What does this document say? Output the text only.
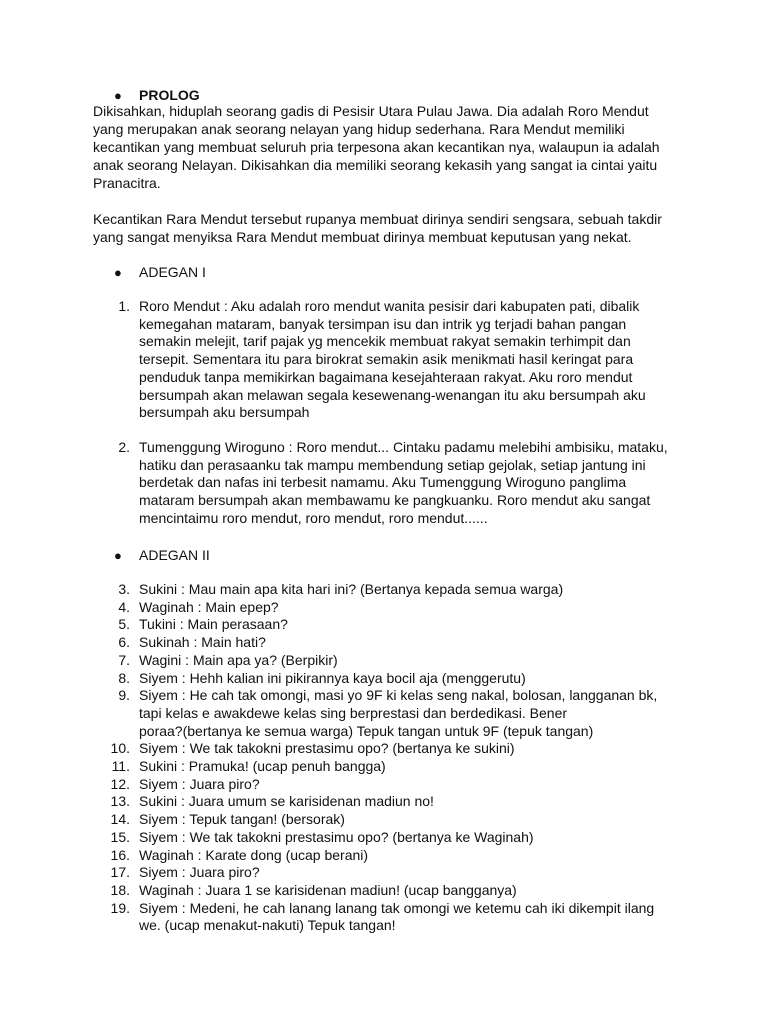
● PROLOG
Dikisahkan, hiduplah seorang gadis di Pesisir Utara Pulau Jawa. Dia adalah Roro Mendut
yang merupakan anak seorang nelayan yang hidup sederhana. Rara Mendut memiliki
kecantikan yang membuat seluruh pria terpesona akan kecantikan nya, walaupun ia adalah
anak seorang Nelayan. Dikisahkan dia memiliki seorang kekasih yang sangat ia cintai yaitu
Pranacitra.
Kecantikan Rara Mendut tersebut rupanya membuat dirinya sendiri sengsara, sebuah takdir
yang sangat menyiksa Rara Mendut membuat dirinya membuat keputusan yang nekat.
● ADEGAN I
1. Roro Mendut : Aku adalah roro mendut wanita pesisir dari kabupaten pati, dibalik
kemegahan mataram, banyak tersimpan isu dan intrik yg terjadi bahan pangan
semakin melejit, tarif pajak yg mencekik membuat rakyat semakin terhimpit dan
tersepit. Sementara itu para birokrat semakin asik menikmati hasil keringat para
penduduk tanpa memikirkan bagaimana kesejahteraan rakyat. Aku roro mendut
bersumpah akan melawan segala kesewenang-wenangan itu aku bersumpah aku
bersumpah aku bersumpah
2. Tumenggung Wiroguno : Roro mendut... Cintaku padamu melebihi ambisiku, mataku,
hatiku dan perasaanku tak mampu membendung setiap gejolak, setiap jantung ini
berdetak dan nafas ini terbesit namamu. Aku Tumenggung Wiroguno panglima
mataram bersumpah akan membawamu ke pangkuanku. Roro mendut aku sangat
mencintaimu roro mendut, roro mendut, roro mendut......
● ADEGAN II
3. Sukini : Mau main apa kita hari ini? (Bertanya kepada semua warga)
4. Waginah : Main epep?
5. Tukini : Main perasaan?
6. Sukinah : Main hati?
7. Wagini : Main apa ya? (Berpikir)
8. Siyem : Hehh kalian ini pikirannya kaya bocil aja (menggerutu)
9. Siyem : He cah tak omongi, masi yo 9F ki kelas seng nakal, bolosan, langganan bk,
tapi kelas e awakdewe kelas sing berprestasi dan berdedikasi. Bener
poraa?(bertanya ke semua warga) Tepuk tangan untuk 9F (tepuk tangan)
10. Siyem : We tak takokni prestasimu opo? (bertanya ke sukini)
11. Sukini : Pramuka! (ucap penuh bangga)
12. Siyem : Juara piro?
13. Sukini : Juara umum se karisidenan madiun no!
14. Siyem : Tepuk tangan! (bersorak)
15. Siyem : We tak takokni prestasimu opo? (bertanya ke Waginah)
16. Waginah : Karate dong (ucap berani)
17. Siyem : Juara piro?
18. Waginah : Juara 1 se karisidenan madiun! (ucap bangganya)
19. Siyem : Medeni, he cah lanang lanang tak omongi we ketemu cah iki dikempit ilang
we. (ucap menakut-nakuti) Tepuk tangan!
